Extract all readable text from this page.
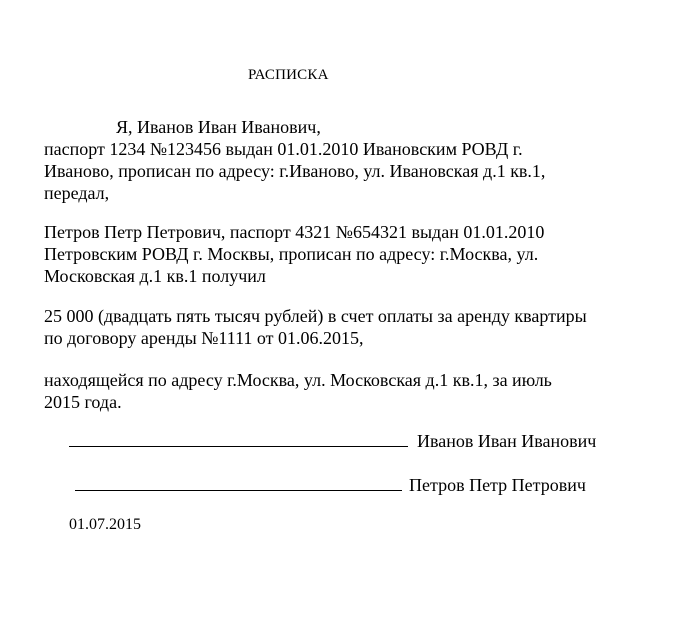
РАСПИСКА
Я, Иванов Иван Иванович,
паспорт 1234 №123456 выдан 01.01.2010 Ивановским РОВД г.
Иваново, прописан по адресу: г.Иваново, ул. Ивановская д.1 кв.1,
передал,
Петров Петр Петрович, паспорт 4321 №654321 выдан 01.01.2010
Петровским РОВД г. Москвы, прописан по адресу: г.Москва, ул.
Московская д.1 кв.1 получил
25 000 (двадцать пять тысяч рублей) в счет оплаты за аренду квартиры
по договору аренды №1111 от 01.06.2015,
находящейся по адресу г.Москва, ул. Московская д.1 кв.1, за июль
2015 года.
Иванов Иван Иванович
Петров Петр Петрович
01.07.2015
